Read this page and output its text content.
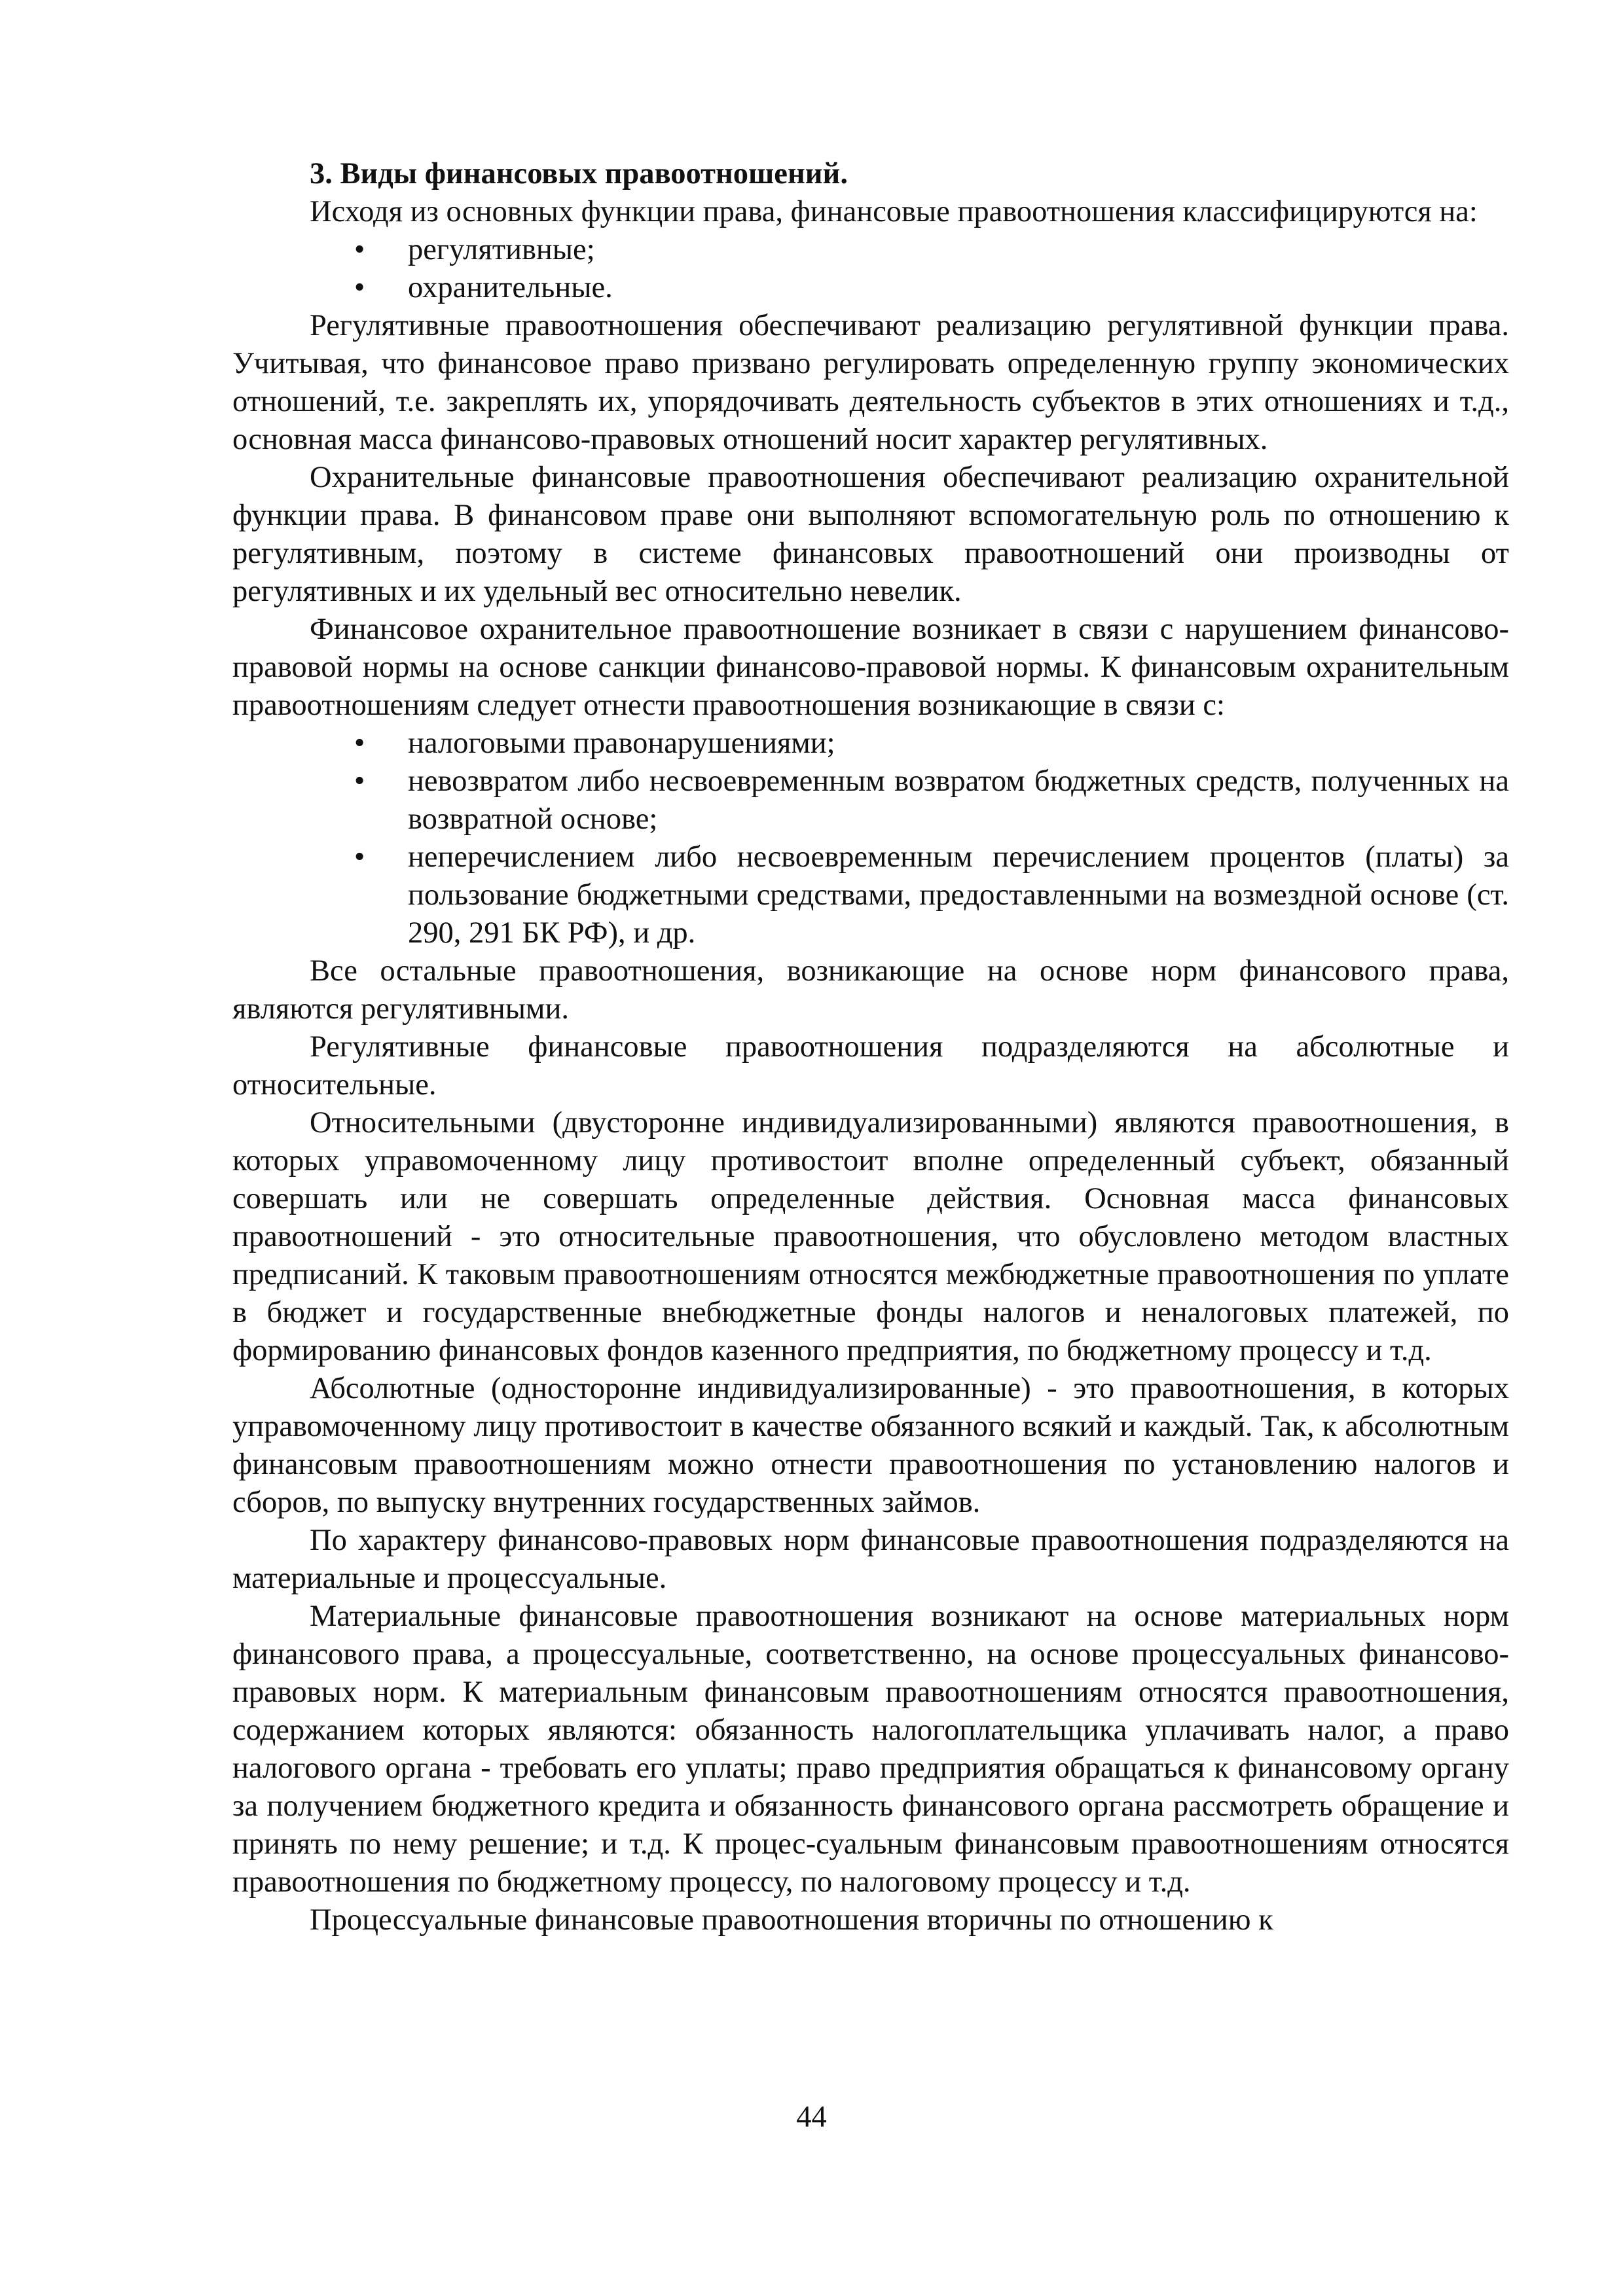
3. Виды финансовых правоотношений.

Исходя из основных функции права, финансовые правоотношения классифицируются на:

• регулятивные;
• охранительные.

Регулятивные правоотношения обеспечивают реализацию регулятивной функции права. Учитывая, что финансовое право призвано регулировать определенную группу экономических отношений, т.е. закреплять их, упорядочивать деятельность субъектов в этих отношениях и т.д., основная масса финансово-правовых отношений носит характер регулятивных.

Охранительные финансовые правоотношения обеспечивают реализацию охранительной функции права. В финансовом праве они выполняют вспомогательную роль по отношению к регулятивным, поэтому в системе финансовых правоотношений они производны от регулятивных и их удельный вес относительно невелик.

Финансовое охранительное правоотношение возникает в связи с нарушением финансово-правовой нормы на основе санкции финансово-правовой нормы. К финансовым охранительным правоотношениям следует отнести правоотношения возникающие в связи с:

• налоговыми правонарушениями;
• невозвратом либо несвоевременным возвратом бюджетных средств, полученных на возвратной основе;
• неперечислением либо несвоевременным перечислением процентов (платы) за пользование бюджетными средствами, предоставленными на возмездной основе (ст. 290, 291 БК РФ), и др.

Все остальные правоотношения, возникающие на основе норм финансового права, являются регулятивными.

Регулятивные финансовые правоотношения подразделяются на абсолютные и относительные.

Относительными (двусторонне индивидуализированными) являются правоотношения, в которых управомоченному лицу противостоит вполне определенный субъект, обязанный совершать или не совершать определенные действия. Основная масса финансовых правоотношений - это относительные правоотношения, что обусловлено методом властных предписаний. К таковым правоотношениям относятся межбюджетные правоотношения по уплате в бюджет и государственные внебюджетные фонды налогов и неналоговых платежей, по формированию финансовых фондов казенного предприятия, по бюджетному процессу и т.д.

Абсолютные (односторонне индивидуализированные) - это правоотношения, в которых управомоченному лицу противостоит в качестве обязанного всякий и каждый. Так, к абсолютным финансовым правоотношениям можно отнести правоотношения по установлению налогов и сборов, по выпуску внутренних государственных займов.

По характеру финансово-правовых норм финансовые правоотношения подразделяются на материальные и процессуальные.

Материальные финансовые правоотношения возникают на основе материальных норм финансового права, а процессуальные, соответственно, на основе процессуальных финансово-правовых норм. К материальным финансовым правоотношениям относятся правоотношения, содержанием которых являются: обязанность налогоплательщика уплачивать налог, а право налогового органа - требовать его уплаты; право предприятия обращаться к финансовому органу за получением бюджетного кредита и обязанность финансового органа рассмотреть обращение и принять по нему решение; и т.д. К процес-суальным финансовым правоотношениям относятся правоотношения по бюджетному процессу, по налоговому процессу и т.д.

Процессуальные финансовые правоотношения вторичны по отношению к

44
